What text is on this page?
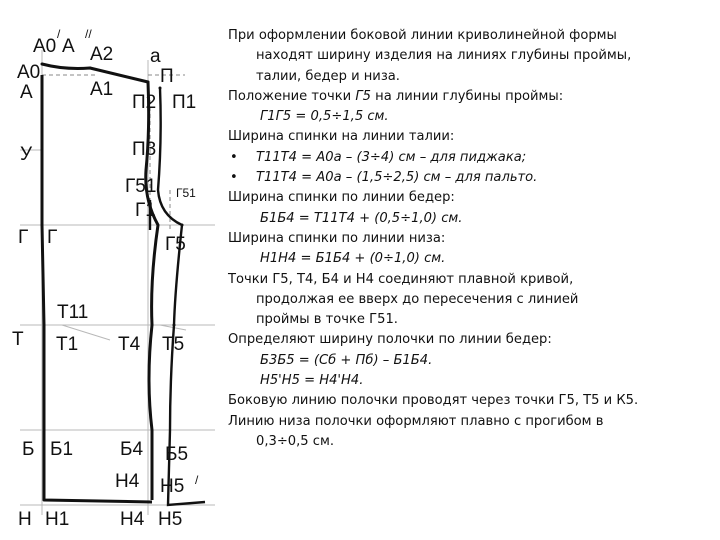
А0
/
А
//
А2 а
А0
А	А1
П
П2 П1
У	П3
Г51 Г51
Г1
Г5
Г Г
Т11
Т Т1 Т4 Т5
Б Б1 Б4 Б5
Н4 Н5 /
Н Н1	Н4 Н5
При оформлении боковой линии криволинейной формы
находят ширину изделия на линиях глубины проймы,
талии, бедер и низа.
Положение точки Г5 на линии глубины проймы:
Г1Г5 = 0,5÷1,5 см.
Ширина спинки на линии талии:
• Т11Т4 = А0а – (3÷4) см – для пиджака;
• Т11Т4 = А0а – (1,5÷2,5) см – для пальто.
Ширина спинки по линии бедер:
Б1Б4 = Т11Т4 + (0,5÷1,0) см.
Ширина спинки по линии низа:
Н1Н4 = Б1Б4 + (0÷1,0) см.
Точки Г5, Т4, Б4 и Н4 соединяют плавной кривой,
продолжая ее вверх до пересечения с линией
проймы в точке Г51.
Определяют ширину полочки по линии бедер:
Б3Б5 = (Сб + Пб) – Б1Б4.
Н5'Н5 = Н4'Н4.
Боковую линию полочки проводят через точки Г5, Т5 и К5.
Линию низа полочки оформляют плавно с прогибом в
0,3÷0,5 см.
